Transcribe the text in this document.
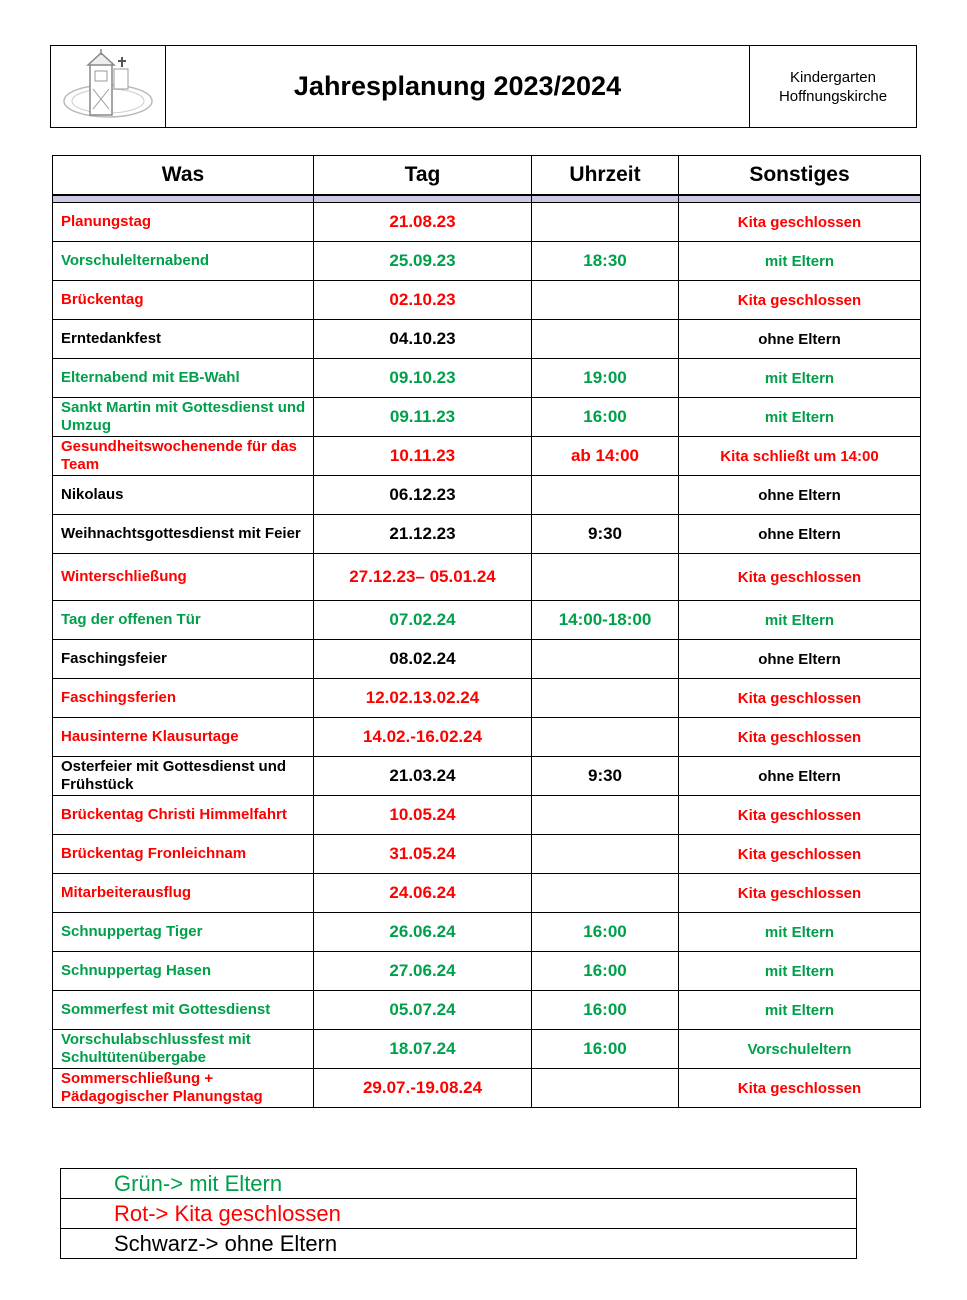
Jahresplanung 2023/2024	Kindergarten
Hoffnungskirche
Was	Tag	Uhrzeit	Sonstiges

Planungstag	21.08.23		Kita geschlossen
Vorschulelternabend	25.09.23	18:30	mit Eltern
Brückentag	02.10.23		Kita geschlossen
Erntedankfest	04.10.23		ohne Eltern
Elternabend mit EB-Wahl	09.10.23	19:00	mit Eltern
Sankt Martin mit Gottesdienst und Umzug	09.11.23	16:00	mit Eltern
Gesundheitswochenende für das Team	10.11.23	ab 14:00	Kita schließt um 14:00
Nikolaus	06.12.23		ohne Eltern
Weihnachtsgottesdienst mit Feier	21.12.23	9:30	ohne Eltern
Winterschließung	27.12.23– 05.01.24		Kita geschlossen
Tag der offenen Tür	07.02.24	14:00-18:00	mit Eltern
Faschingsfeier	08.02.24		ohne Eltern
Faschingsferien	12.02.13.02.24		Kita geschlossen
Hausinterne Klausurtage	14.02.-16.02.24		Kita geschlossen
Osterfeier mit Gottesdienst und Frühstück	21.03.24	9:30	ohne Eltern
Brückentag Christi Himmelfahrt	10.05.24		Kita geschlossen
Brückentag Fronleichnam	31.05.24		Kita geschlossen
Mitarbeiterausflug	24.06.24		Kita geschlossen
Schnuppertag Tiger	26.06.24	16:00	mit Eltern
Schnuppertag Hasen	27.06.24	16:00	mit Eltern
Sommerfest mit Gottesdienst	05.07.24	16:00	mit Eltern
Vorschulabschlussfest mit Schultütenübergabe	18.07.24	16:00	Vorschuleltern
Sommerschließung + Pädagogischer Planungstag	29.07.-19.08.24		Kita geschlossen
Grün-> mit Eltern
Rot-> Kita geschlossen
Schwarz-> ohne Eltern
